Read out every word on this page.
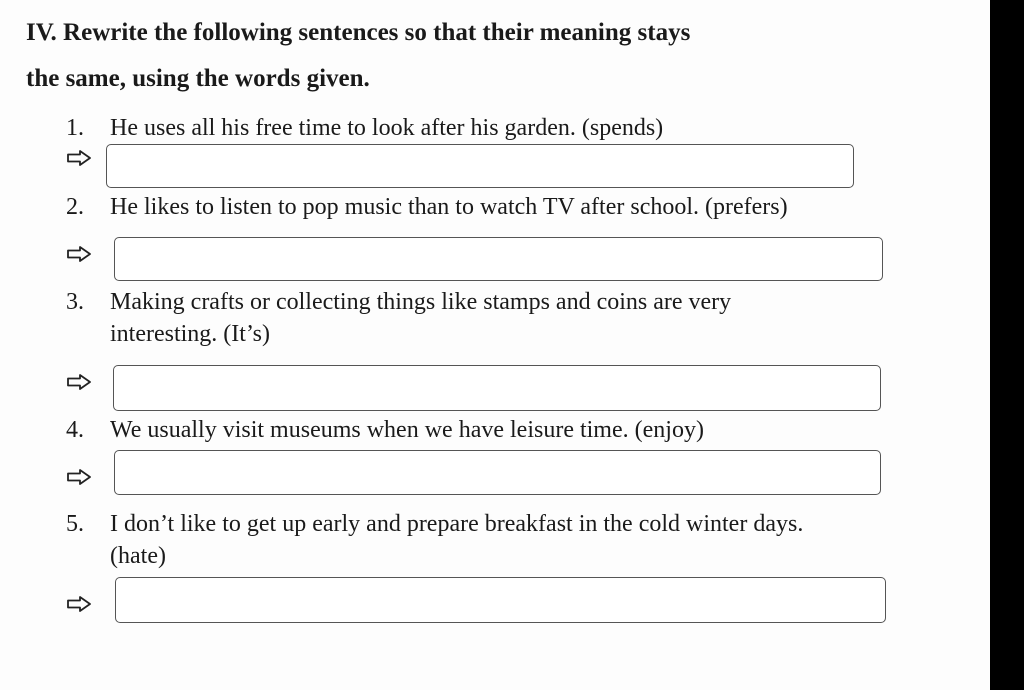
IV. Rewrite the following sentences so that their meaning stays
the same, using the words given.
1. He uses all his free time to look after his garden. (spends)
2. He likes to listen to pop music than to watch TV after school. (prefers)
3. Making crafts or collecting things like stamps and coins are very
interesting. (It’s)
4. We usually visit museums when we have leisure time. (enjoy)
5. I don’t like to get up early and prepare breakfast in the cold winter days.
(hate)
